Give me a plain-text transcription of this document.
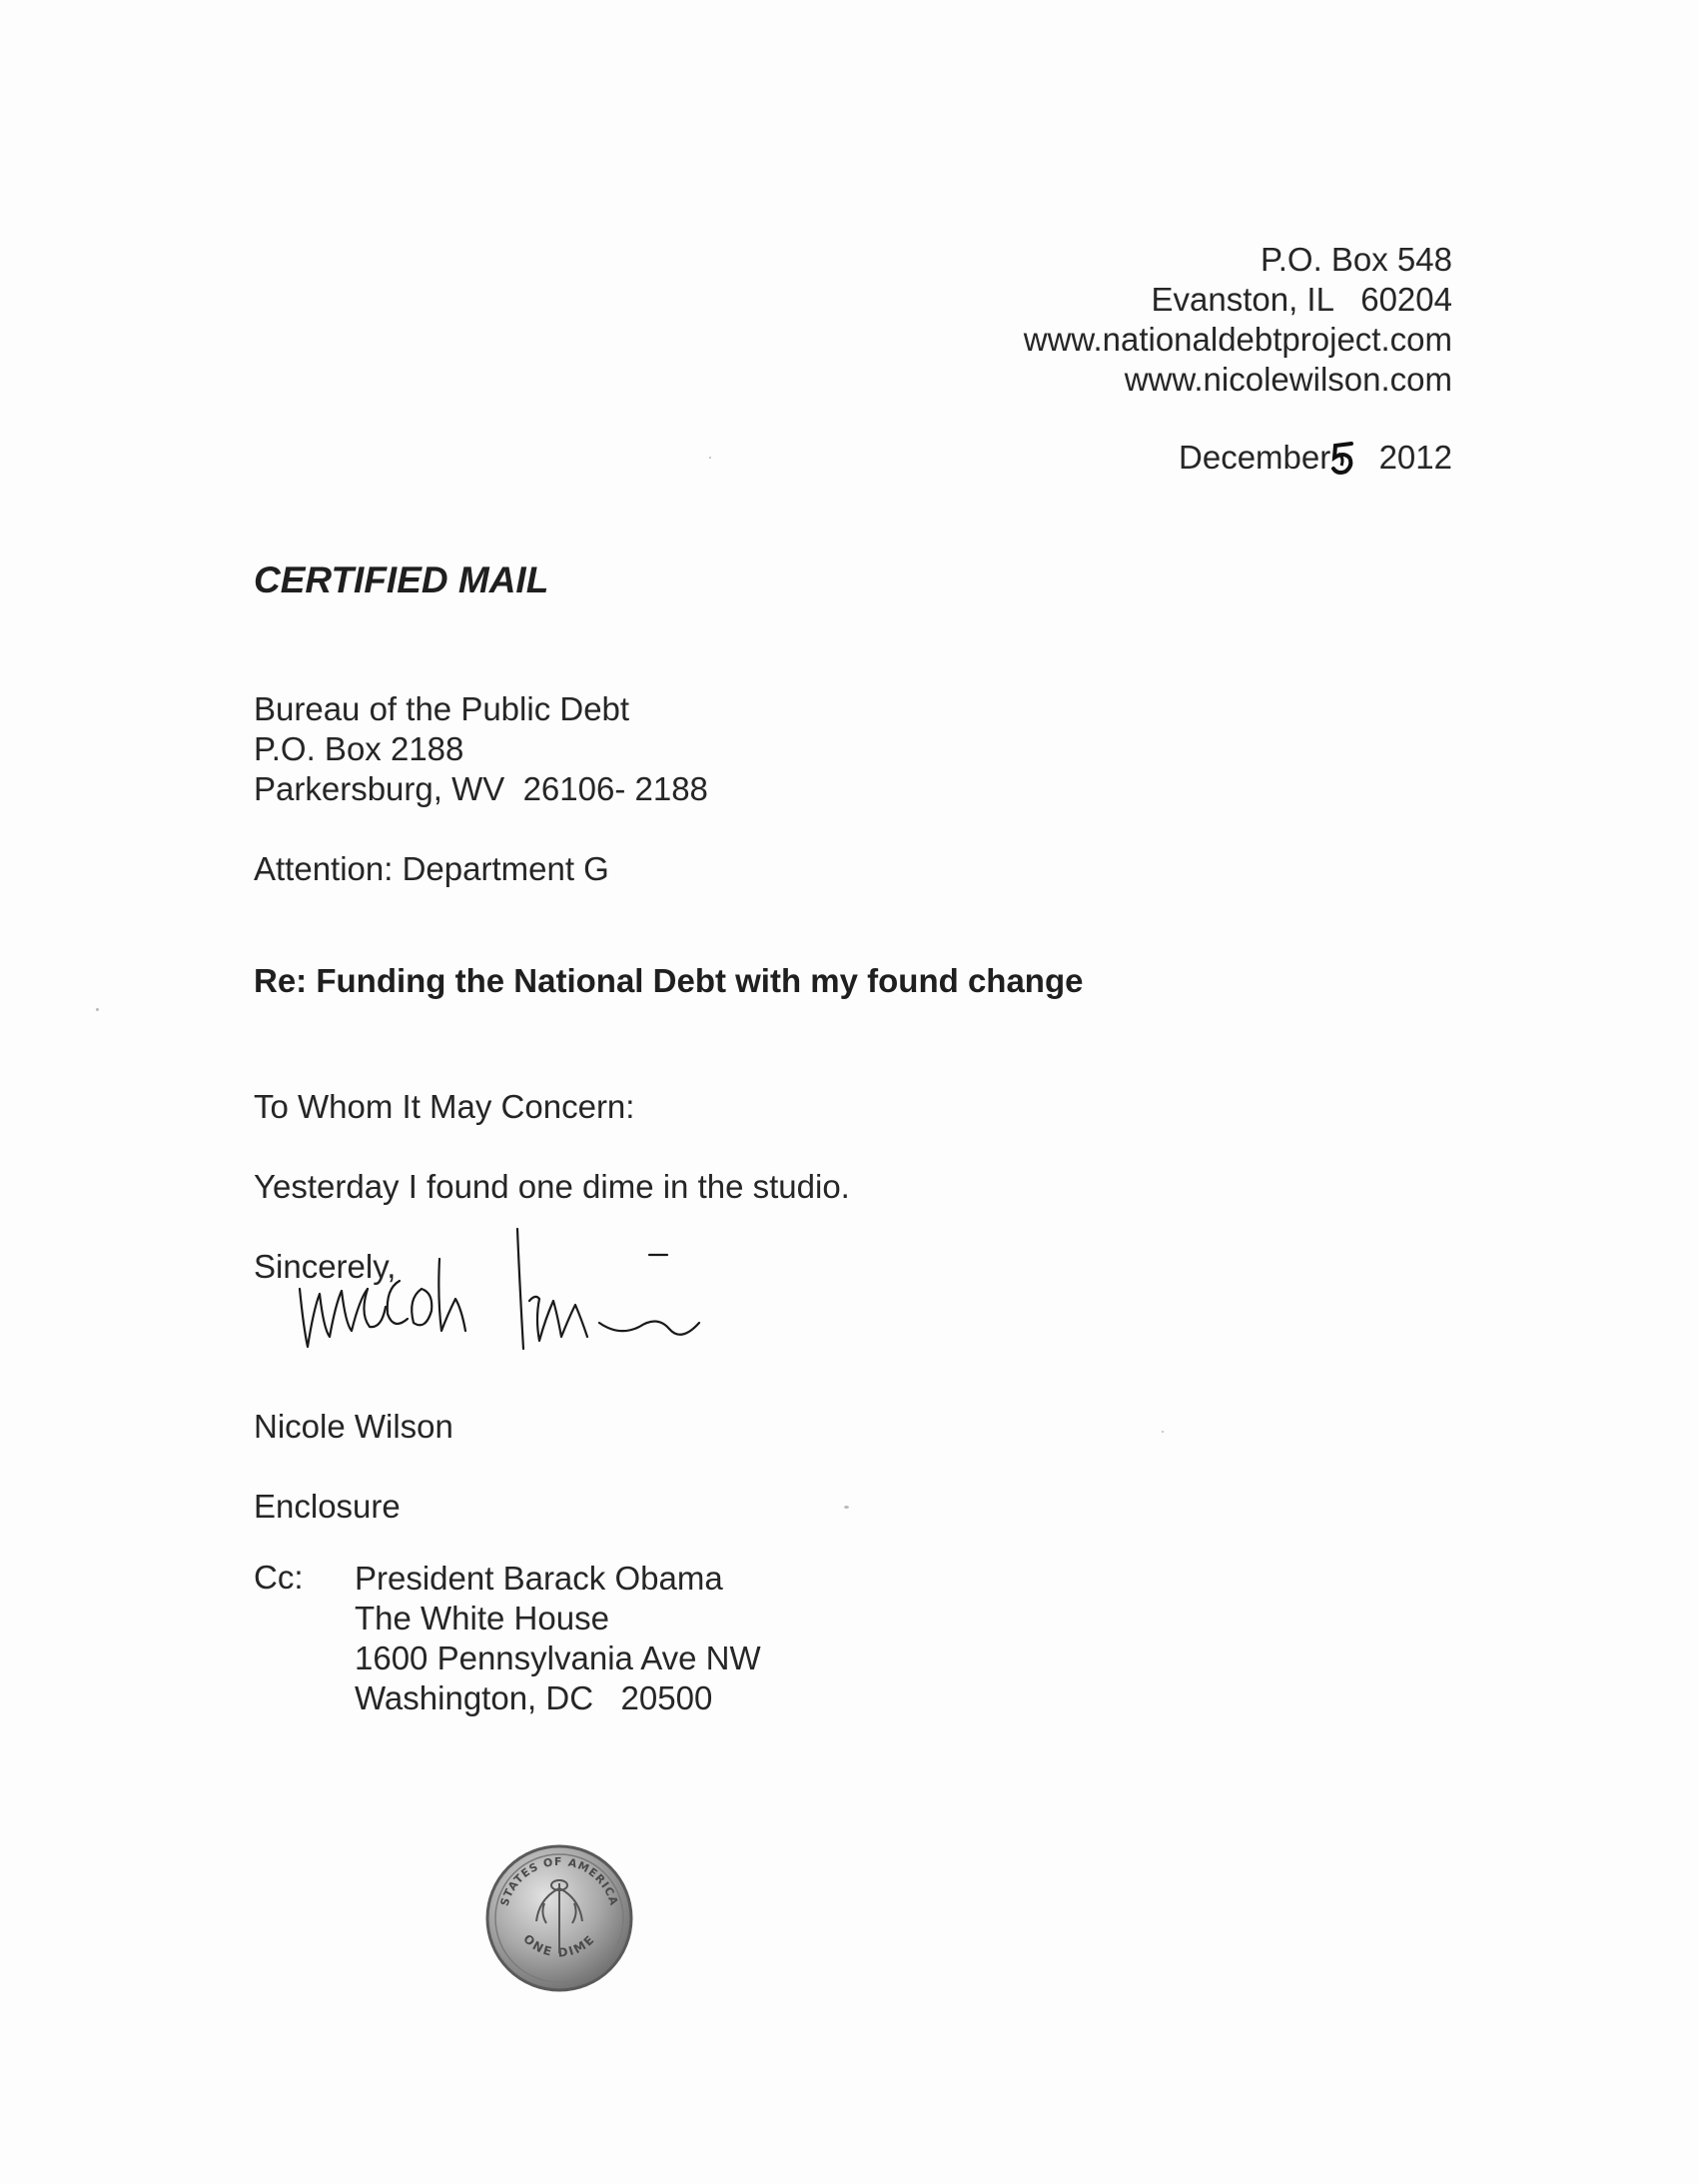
P.O. Box 548
Evanston, IL   60204
www.nationaldebtproject.com
www.nicolewilson.com
December  2012
CERTIFIED MAIL
Bureau of the Public Debt
P.O. Box 2188
Parkersburg, WV  26106- 2188
Attention: Department G
Re: Funding the National Debt with my found change
To Whom It May Concern:
Yesterday I found one dime in the studio.
Sincerely,
Nicole Wilson
Enclosure
Cc: President Barack Obama
The White House
1600 Pennsylvania Ave NW
Washington, DC   20500
STATES OF AMERICA
ONE DIME
